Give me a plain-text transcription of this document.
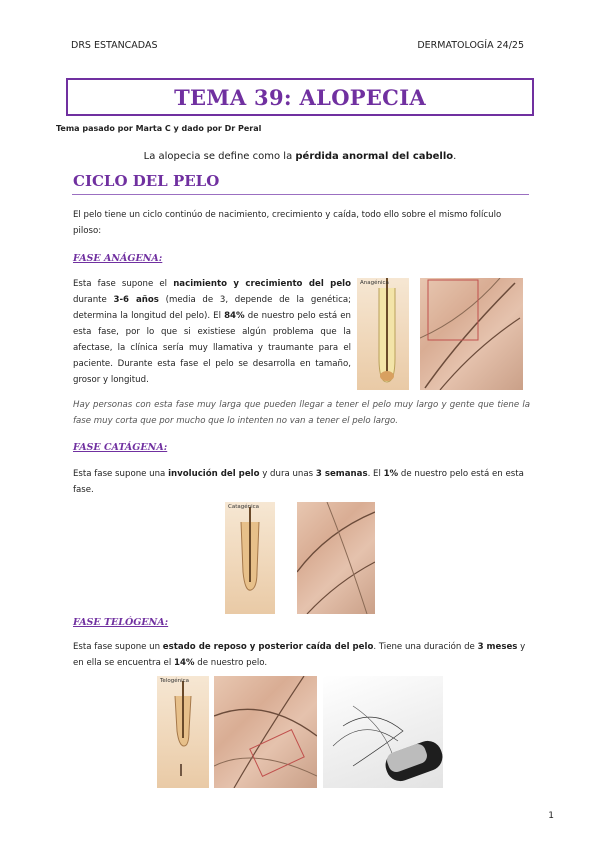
DRS ESTANCADAS	DERMATOLOGÍA 24/25
TEMA 39: ALOPECIA
Tema pasado por Marta C y dado por Dr Peral
La alopecia se define como la pérdida anormal del cabello.
CICLO DEL PELO
El pelo tiene un ciclo continúo de nacimiento, crecimiento y caída, todo ello sobre el mismo folículo piloso:
FASE ANÁGENA:
Esta fase supone el nacimiento y crecimiento del pelo durante 3-6 años (media de 3, depende de la genética; determina la longitud del pelo). El 84% de nuestro pelo está en esta fase, por lo que si existiese algún problema que la afectase, la clínica sería muy llamativa y traumante para el paciente. Durante esta fase el pelo se desarrolla en tamaño, grosor y longitud.
Anagénica
Hay personas con esta fase muy larga que pueden llegar a tener el pelo muy largo y gente que tiene la fase muy corta que por mucho que lo intenten no van a tener el pelo largo.
FASE CATÁGENA:
Esta fase supone una involución del pelo y dura unas 3 semanas. El 1% de nuestro pelo está en esta fase.
Catagénica
FASE TELÓGENA:
Esta fase supone un estado de reposo y posterior caída del pelo. Tiene una duración de 3 meses y en ella se encuentra el 14% de nuestro pelo.
Telogénica
1
